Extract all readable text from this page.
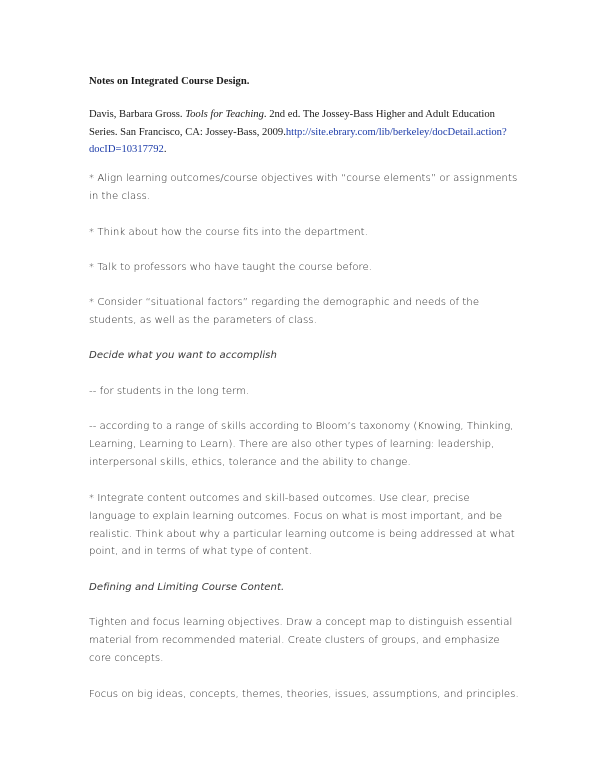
Notes on Integrated Course Design.
Davis, Barbara Gross. Tools for Teaching. 2nd ed. The Jossey-Bass Higher and Adult Education Series. San Francisco, CA: Jossey-Bass, 2009.http://site.ebrary.com/lib/berkeley/docDetail.action?docID=10317792.
* Align learning outcomes/course objectives with “course elements” or assignments in the class.
* Think about how the course fits into the department.
* Talk to professors who have taught the course before.
* Consider “situational factors” regarding the demographic and needs of the students, as well as the parameters of class.
Decide what you want to accomplish
-- for students in the long term.
-- according to a range of skills according to Bloom’s taxonomy (Knowing, Thinking, Learning, Learning to Learn). There are also other types of learning: leadership, interpersonal skills, ethics, tolerance and the ability to change.
* Integrate content outcomes and skill-based outcomes. Use clear, precise language to explain learning outcomes. Focus on what is most important, and be realistic. Think about why a particular learning outcome is being addressed at what point, and in terms of what type of content.
Defining and Limiting Course Content.
Tighten and focus learning objectives. Draw a concept map to distinguish essential material from recommended material. Create clusters of groups, and emphasize core concepts.
Focus on big ideas, concepts, themes, theories, issues, assumptions, and principles.
